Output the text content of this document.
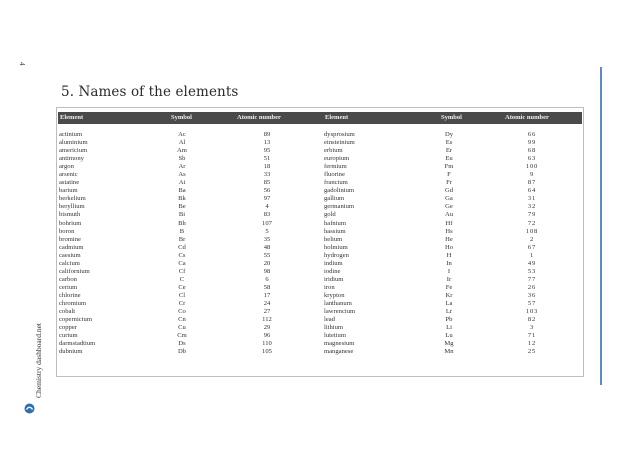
4
Chemistry dashboard.net
5. Names of the elements
Element	Symbol	Atomic number	Element	Symbol	Atomic number
actinium	Ac	89	dysprosium	Dy	66
aluminium	Al	13	einsteinium	Es	99
americium	Am	95	erbium	Er	68
antimony	Sb	51	europium	Eu	63
argon	Ar	18	fermium	Fm	100
arsenic	As	33	fluorine	F	9
astatine	At	85	francium	Fr	87
barium	Ba	56	gadolinium	Gd	64
berkelium	Bk	97	gallium	Ga	31
beryllium	Be	4	germanium	Ge	32
bismuth	Bi	83	gold	Au	79
bohrium	Bh	107	hafnium	Hf	72
boron	B	5	hassium	Hs	108
bromine	Br	35	helium	He	2
cadmium	Cd	48	holmium	Ho	67
caesium	Cs	55	hydrogen	H	1
calcium	Ca	20	indium	In	49
californium	Cf	98	iodine	I	53
carbon	C	6	iridium	Ir	77
cerium	Ce	58	iron	Fe	26
chlorine	Cl	17	krypton	Kr	36
chromium	Cr	24	lanthanum	La	57
cobalt	Co	27	lawrencium	Lr	103
copernicium	Cn	112	lead	Pb	82
copper	Cu	29	lithium	Li	3
curium	Cm	96	lutetium	Lu	71
darmstadtium	Ds	110	magnesium	Mg	12
dubnium	Db	105	manganese	Mn	25
